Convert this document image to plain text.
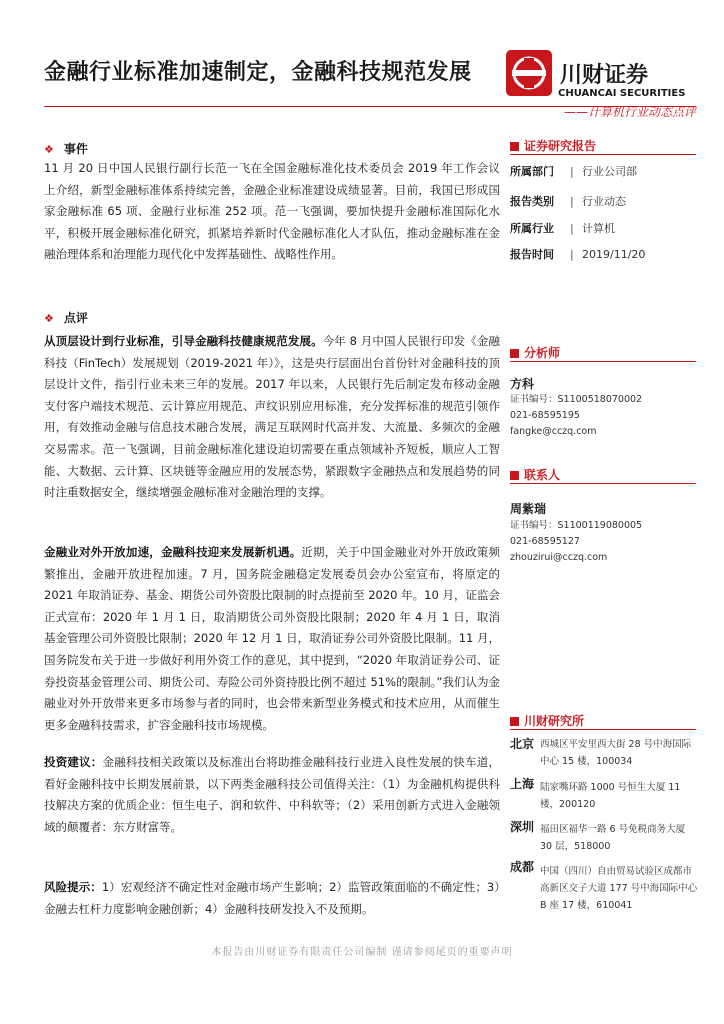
金融行业标准加速制定，金融科技规范发展	川财证券
CHUANCAI SECURITIES
——计算机行业动态点评
❖ 事件

11 月 20 日中国人民银行副行长范一飞在全国金融标准化技术委员会 2019 年工作会议上介绍，新型金融标准体系持续完善，金融企业标准建设成绩显著。目前，我国已形成国家金融标准 65 项、金融行业标准 252 项。范一飞强调，要加快提升金融标准国际化水平，积极开展金融标准化研究，抓紧培养新时代金融标准化人才队伍，推动金融标准在金融治理体系和治理能力现代化中发挥基础性、战略性作用。

❖ 点评

从顶层设计到行业标准，引导金融科技健康规范发展。今年 8 月中国人民银行印发《金融科技（FinTech）发展规划（2019-2021 年）》，这是央行层面出台首份针对金融科技的顶层设计文件，指引行业未来三年的发展。2017 年以来，人民银行先后制定发布移动金融支付客户端技术规范、云计算应用规范、声纹识别应用标准，充分发挥标准的规范引领作用，有效推动金融与信息技术融合发展，满足互联网时代高并发、大流量、多频次的金融交易需求。范一飞强调，目前金融标准化建设迫切需要在重点领域补齐短板，顺应人工智能、大数据、云计算、区块链等金融应用的发展态势，紧跟数字金融热点和发展趋势的同时注重数据安全，继续增强金融标准对金融治理的支撑。

金融业对外开放加速，金融科技迎来发展新机遇。近期，关于中国金融业对外开放政策频繁推出，金融开放进程加速。7 月，国务院金融稳定发展委员会办公室宣布，将原定的 2021 年取消证券、基金、期货公司外资股比限制的时点提前至 2020 年。10 月，证监会正式宣布：2020 年 1 月 1 日，取消期货公司外资股比限制；2020 年 4 月 1 日，取消基金管理公司外资股比限制；2020 年 12 月 1 日，取消证券公司外资股比限制。11 月，国务院发布关于进一步做好利用外资工作的意见，其中提到，“2020 年取消证券公司、证券投资基金管理公司、期货公司、寿险公司外资持股比例不超过 51%的限制。”我们认为金融业对外开放带来更多市场参与者的同时，也会带来新型业务模式和技术应用，从而催生更多金融科技需求，扩容金融科技市场规模。

投资建议：金融科技相关政策以及标准出台将助推金融科技行业进入良性发展的快车道，看好金融科技中长期发展前景，以下两类金融科技公司值得关注：（1）为金融机构提供科技解决方案的优质企业：恒生电子、润和软件、中科软等；（2）采用创新方式进入金融领域的颠覆者：东方财富等。

风险提示：1）宏观经济不确定性对金融市场产生影响；2）监管政策面临的不确定性；3）金融去杠杆力度影响金融创新；4）金融科技研发投入不及预期。

证券研究报告
所属部门 | 行业公司部
报告类别 | 行业动态
所属行业 | 计算机
报告时间 | 2019/11/20
分析师
方科
证书编号：S1100518070002
021-68595195
fangke@cczq.com
联系人
周紫瑞
证书编号：S1100119080005
021-68595127
zhouzirui@cczq.com
川财研究所
北京 西城区平安里西大街 28 号中海国际中心 15 楼，100034
上海 陆家嘴环路 1000 号恒生大厦 11 楼，200120
深圳 福田区福华一路 6 号免税商务大厦 30 层，518000
成都 中国（四川）自由贸易试验区成都市高新区交子大道 177 号中海国际中心 B 座 17 楼，610041
本报告由川财证券有限责任公司编制 谨请参阅尾页的重要声明
